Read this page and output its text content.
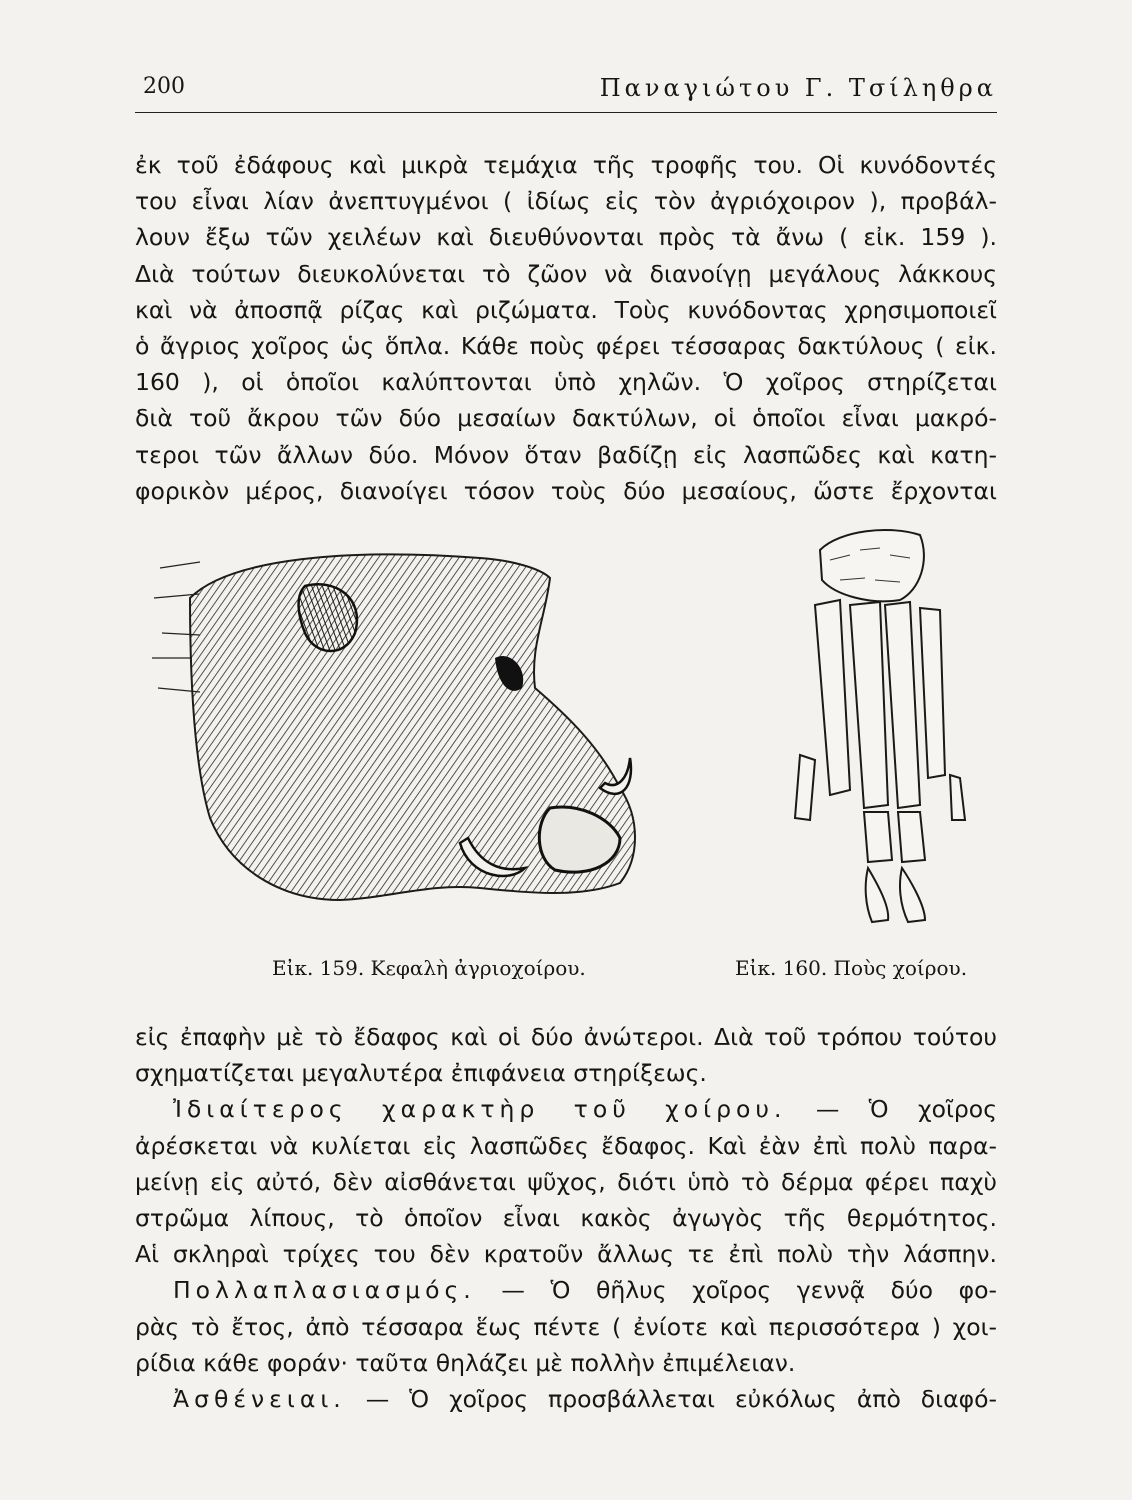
200	Παναγιώτου Γ. Τσίληθρα
ἐκ τοῦ ἐδάφους καὶ μικρὰ τεμάχια τῆς τροφῆς του. Οἱ κυνόδοντές
του εἶναι λίαν ἀνεπτυγμένοι ( ἰδίως εἰς τὸν ἀγριόχοιρον ), προβάλ-
λουν ἔξω τῶν χειλέων καὶ διευθύνονται πρὸς τὰ ἄνω ( εἰκ. 159 ).
Διὰ τούτων διευκολύνεται τὸ ζῶον νὰ διανοίγῃ μεγάλους λάκκους
καὶ νὰ ἀποσπᾷ ρίζας καὶ ριζώματα. Τοὺς κυνόδοντας χρησιμοποιεῖ
ὁ ἄγριος χοῖρος ὡς ὅπλα. Κάθε ποὺς φέρει τέσσαρας δακτύλους ( εἰκ.
160 ), οἱ ὁποῖοι καλύπτονται ὑπὸ χηλῶν. Ὁ χοῖρος στηρίζεται
διὰ τοῦ ἄκρου τῶν δύο μεσαίων δακτύλων, οἱ ὁποῖοι εἶναι μακρό-
τεροι τῶν ἄλλων δύο. Μόνον ὅταν βαδίζῃ εἰς λασπῶδες καὶ κατη-
φορικὸν μέρος, διανοίγει τόσον τοὺς δύο μεσαίους, ὥστε ἔρχονται
Εἰκ. 159. Κεφαλὴ ἀγριοχοίρου.	Εἰκ. 160. Ποὺς χοίρου.
εἰς ἐπαφὴν μὲ τὸ ἔδαφος καὶ οἱ δύο ἀνώτεροι. Διὰ τοῦ τρόπου τούτου
σχηματίζεται μεγαλυτέρα ἐπιφάνεια στηρίξεως.
Ἰδιαίτερος χαρακτὴρ τοῦ χοίρου. — Ὁ χοῖρος
ἀρέσκεται νὰ κυλίεται εἰς λασπῶδες ἔδαφος. Καὶ ἐὰν ἐπὶ πολὺ παρα-
μείνῃ εἰς αὐτό, δὲν αἰσθάνεται ψῦχος, διότι ὑπὸ τὸ δέρμα φέρει παχὺ
στρῶμα λίπους, τὸ ὁποῖον εἶναι κακὸς ἀγωγὸς τῆς θερμότητος.
Αἱ σκληραὶ τρίχες του δὲν κρατοῦν ἄλλως τε ἐπὶ πολὺ τὴν λάσπην.
Πολλαπλασιασμός. — Ὁ θῆλυς χοῖρος γεννᾷ δύο φο-
ρὰς τὸ ἔτος, ἀπὸ τέσσαρα ἕως πέντε ( ἐνίοτε καὶ περισσότερα ) χοι-
ρίδια κάθε φοράν· ταῦτα θηλάζει μὲ πολλὴν ἐπιμέλειαν.
Ἀσθένειαι. — Ὁ χοῖρος προσβάλλεται εὐκόλως ἀπὸ διαφό-
